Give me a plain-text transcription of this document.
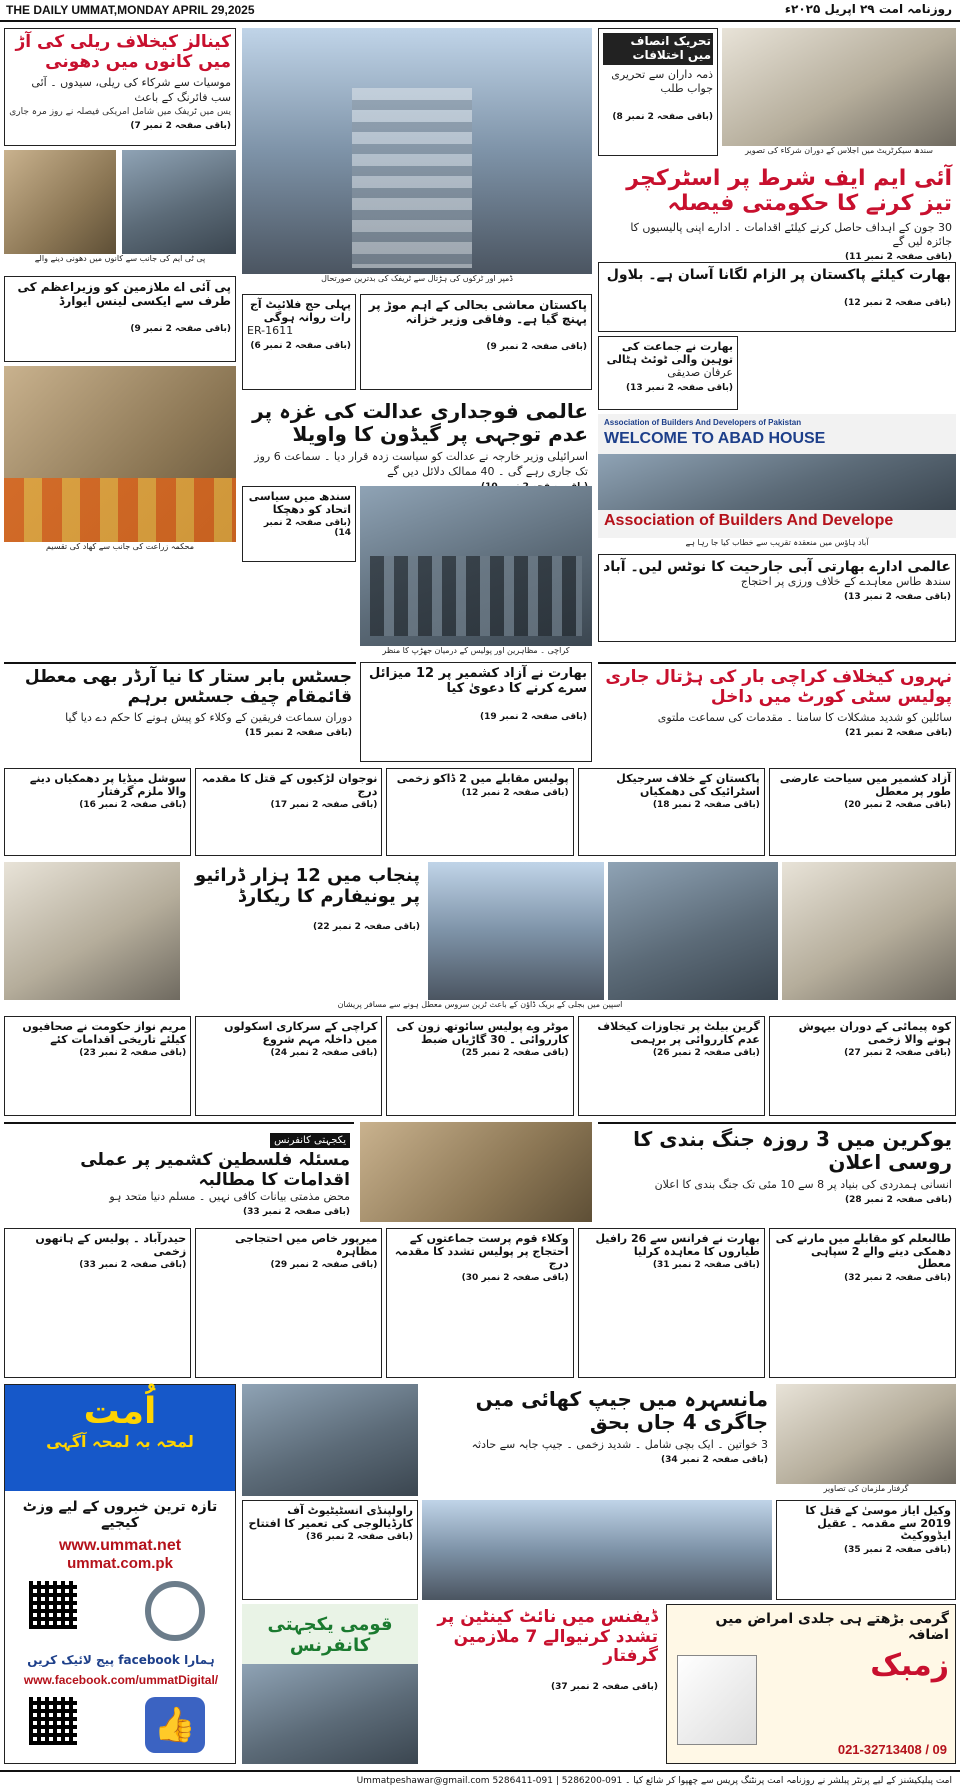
THE DAILY UMMAT,MONDAY APRIL 29,2025	روزنامہ امت ۲۹ اپریل ۲۰۲۵ء
کینالز کیخلاف ریلی کی آڑ میں کانوں میں دھونی
موسیات سے شرکاء کی ریلی، سیدوں ۔ آئی سب فائرنگ کے باعث
یس میں ٹریفک میں شامل امریکی فیصلہ نے روز مرہ جاری
(باقی صفحہ 2 نمبر 7)
پی ٹی ایم کی جانب سے کانوں میں دھونی دینے والے
ڈمپر اور ٹرکوں کی ہڑتال سے ٹریفک کی بدترین صورتحال
تحریک انصاف میں اختلافات
ذمہ داران سے تحریری جواب طلب

(باقی صفحہ 2 نمبر 8)
سندھ سیکرٹریٹ میں اجلاس کے دوران شرکاء کی تصویر
آئی ایم ایف شرط پر اسٹرکچر تیز کرنے کا حکومتی فیصلہ
30 جون کے اہداف حاصل کرنے کیلئے اقدامات ۔ ادارے اپنی پالیسیوں کا جائزہ لیں گے
(باقی صفحہ 2 نمبر 11)
بھارت کیلئے پاکستان پر الزام لگانا آسان ہے۔ بلاول

(باقی صفحہ 2 نمبر 12)
بھارت نے جماعت کی توہین والی ٹوئٹ ہٹالی
عرفان صدیقی
(باقی صفحہ 2 نمبر 13)
پاکستان معاشی بحالی کے اہم موڑ پر پہنچ گیا ہے۔ وفاقی وزیر خزانہ

(باقی صفحہ 2 نمبر 9)
پہلی حج فلائیٹ آج رات روانہ ہوگی
ER-1611
(باقی صفحہ 2 نمبر 6)
پی آئی اے ملازمین کو وزیراعظم کی طرف سے ایکسی لینس ایوارڈ

(باقی صفحہ 2 نمبر 9)
محکمہ زراعت کی جانب سے کھاد کی تقسیم
Association of Builders And Developers of Pakistan
WELCOME TO ABAD HOUSE
Association of Builders And Develope
آباد ہاؤس میں منعقدہ تقریب سے خطاب کیا جا رہا ہے
عالمی فوجداری عدالت کی غزہ پر عدم توجہی پر گیڈون کا واویلا
اسرائیلی وزیر خارجہ نے عدالت کو سیاست زدہ قرار دیا ۔ سماعت 6 روز تک جاری رہے گی ۔ 40 ممالک دلائل دیں گے
کراچی ۔ مظاہرین اور پولیس کے درمیان جھڑپ کا منظر
سندھ میں سیاسی اتحاد کو دھچکا
(باقی صفحہ 2 نمبر 14)
عالمی ادارے بھارتی آبی جارحیت کا نوٹس لیں۔ آباد
سندھ طاس معاہدے کے خلاف ورزی پر احتجاج
(باقی صفحہ 2 نمبر 13)
جسٹس بابر ستار کا نیا آرڈر بھی معطل قائمقام چیف جسٹس برہم
دوران سماعت فریقین کے وکلاء کو پیش ہونے کا حکم دے دیا گیا
(باقی صفحہ 2 نمبر 15)
نہروں کیخلاف کراچی بار کی ہڑتال جاری پولیس سٹی کورٹ میں داخل
سائلین کو شدید مشکلات کا سامنا ۔ مقدمات کی سماعت ملتوی
(باقی صفحہ 2 نمبر 21)
بھارت نے آزاد کشمیر پر 12 میزائل سرے کرنے کا دعویٰ کیا

(باقی صفحہ 2 نمبر 19)
سوشل میڈیا پر دھمکیاں دینے والا ملزم گرفتار
(باقی صفحہ 2 نمبر 16)
نوجوان لڑکیوں کے قتل کا مقدمہ درج
(باقی صفحہ 2 نمبر 17)
پولیس مقابلے میں 2 ڈاکو زخمی
(باقی صفحہ 2 نمبر 12)
پاکستان کے خلاف سرجیکل اسٹرائیک کی دھمکیاں
(باقی صفحہ 2 نمبر 18)
آزاد کشمیر میں سیاحت عارضی طور پر معطل
(باقی صفحہ 2 نمبر 20)
پنجاب میں 12 ہزار ڈرائیو پر یونیفارم کا ریکارڈ

(باقی صفحہ 2 نمبر 22)
اسپین میں بجلی کے بریک ڈاؤن کے باعث ٹرین سروس معطل ہونے سے مسافر پریشان
مریم نواز حکومت نے صحافیوں کیلئے تاریخی اقدامات کئے
(باقی صفحہ 2 نمبر 23)
کراچی کے سرکاری اسکولوں میں داخلہ مہم شروع
(باقی صفحہ 2 نمبر 24)
موٹر وے پولیس سائوتھ زون کی کارروائی ۔ 30 گاڑیاں ضبط
(باقی صفحہ 2 نمبر 25)
گرین بیلٹ پر تجاوزات کیخلاف عدم کارروائی پر برہمی
(باقی صفحہ 2 نمبر 26)
کوہ پیمائی کے دوران بیہوش ہونے والا زخمی
(باقی صفحہ 2 نمبر 27)
یکجہتی کانفرنس
مسئلہ فلسطین کشمیر پر عملی اقدامات کا مطالبہ
محض مذمتی بیانات کافی نہیں ۔ مسلم دنیا متحد ہو
(باقی صفحہ 2 نمبر 33)
یوکرین میں 3 روزہ جنگ بندی کا روسی اعلان
انسانی ہمدردی کی بنیاد پر 8 سے 10 مئی تک جنگ بندی کا اعلان
(باقی صفحہ 2 نمبر 28)
حیدرآباد ۔ پولیس کے ہاتھوں زخمی
(باقی صفحہ 2 نمبر 33)
میرپور خاص میں احتجاجی مظاہرہ
(باقی صفحہ 2 نمبر 29)
وکلاء قوم پرست جماعتوں کے احتجاج پر پولیس تشدد کا مقدمہ درج
(باقی صفحہ 2 نمبر 30)
بھارت نے فرانس سے 26 رافیل طیاروں کا معاہدہ کرلیا
(باقی صفحہ 2 نمبر 31)
طالبعلم کو مقابلے میں مارنے کی دھمکی دینے والے 2 سپاہی معطل
(باقی صفحہ 2 نمبر 32)
اُمت
لمحہ بہ لمحہ آگہی
تازہ ترین خبروں کے لیے وزٹ کیجیے
www.ummat.net
ummat.com.pk
ہمارا facebook پیج لائیک کریں
www.facebook.com/ummatDigital/
👍
مانسہرہ میں جیپ کھائی میں جاگری 4 جاں بحق
3 خواتین ۔ ایک بچی شامل ۔ شدید زخمی ۔ جیپ جابہ سے حادثہ
(باقی صفحہ 2 نمبر 34)
گرفتار ملزمان کی تصاویر
وکیل ایاز موسیٰ کے قتل کا 2019 سے مقدمہ ۔ عقیل ایڈووکیٹ
(باقی صفحہ 2 نمبر 35)
راولپنڈی انسٹیٹیوٹ آف کارڈیالوجی کی تعمیر کا افتتاح
(باقی صفحہ 2 نمبر 36)
قومی یکجہتی کانفرنس
ڈیفنس میں نائٹ کینٹین پر تشدد کرنیوالے 7 ملازمین گرفتار

(باقی صفحہ 2 نمبر 37)
گرمی بڑھتے ہی جلدی امراض میں اضافہ
زمبک
021-32713408 / 09
امت پبلیکیشنز کے لیے پرنٹر پبلشر نے روزنامہ امت پرنٹنگ پریس سے چھپوا کر شائع کیا ۔ 091-5286200 | 091-5286411 Ummatpeshawar@gmail.com
